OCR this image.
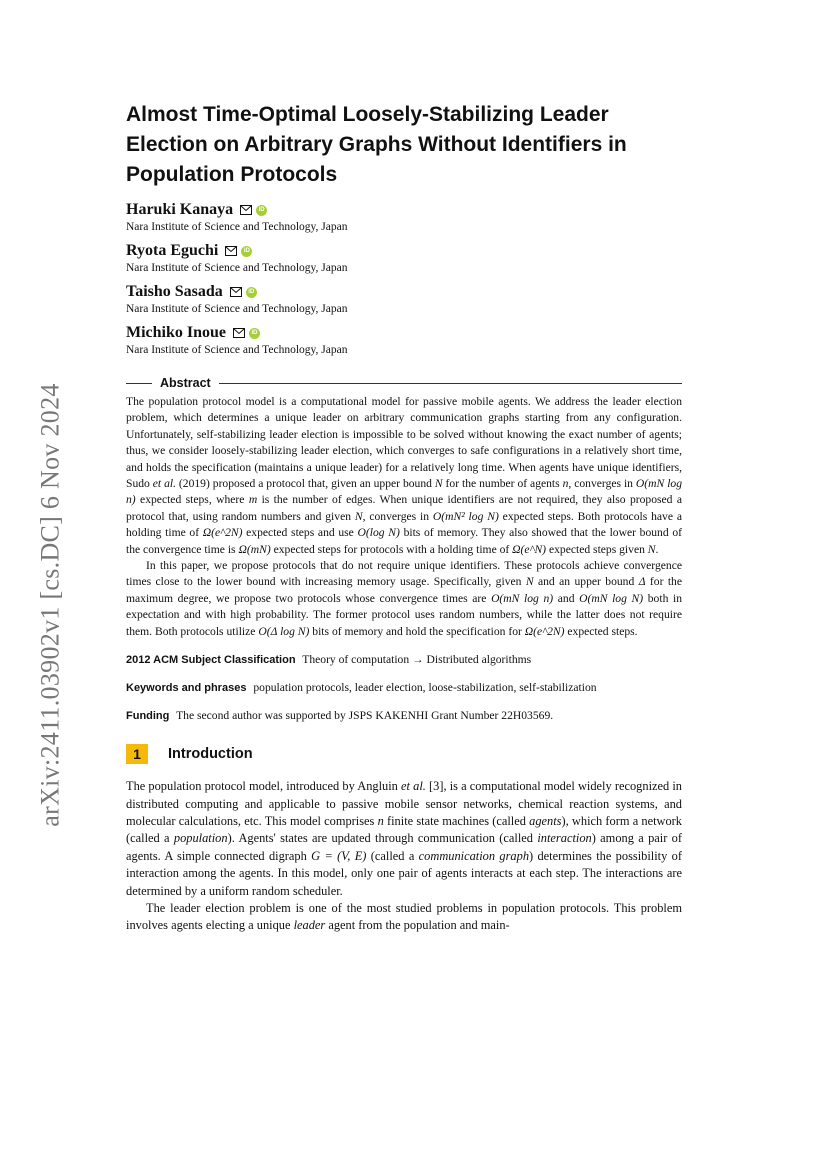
arXiv:2411.03902v1 [cs.DC] 6 Nov 2024
Almost Time-Optimal Loosely-Stabilizing Leader
Election on Arbitrary Graphs Without Identifiers in
Population Protocols
Haruki Kanaya	iD
Nara Institute of Science and Technology, Japan
Ryota Eguchi	iD
Nara Institute of Science and Technology, Japan
Taisho Sasada	iD
Nara Institute of Science and Technology, Japan
Michiko Inoue	iD
Nara Institute of Science and Technology, Japan
Abstract

The population protocol model is a computational model for passive mobile agents. We address the leader election problem, which determines a unique leader on arbitrary communication graphs starting from any configuration. Unfortunately, self-stabilizing leader election is impossible to be solved without knowing the exact number of agents; thus, we consider loosely-stabilizing leader election, which converges to safe configurations in a relatively short time, and holds the specification (maintains a unique leader) for a relatively long time. When agents have unique identifiers, Sudo et al. (2019) proposed a protocol that, given an upper bound N for the number of agents n, converges in O(mN log n) expected steps, where m is the number of edges. When unique identifiers are not required, they also proposed a protocol that, using random numbers and given N, converges in O(mN² log N) expected steps. Both protocols have a holding time of Ω(e^2N) expected steps and use O(log N) bits of memory. They also showed that the lower bound of the convergence time is Ω(mN) expected steps for protocols with a holding time of Ω(e^N) expected steps given N.

In this paper, we propose protocols that do not require unique identifiers. These protocols achieve convergence times close to the lower bound with increasing memory usage. Specifically, given N and an upper bound Δ for the maximum degree, we propose two protocols whose convergence times are O(mN log n) and O(mN log N) both in expectation and with high probability. The former protocol uses random numbers, while the latter does not require them. Both protocols utilize O(Δ log N) bits of memory and hold the specification for Ω(e^2N) expected steps.

2012 ACM Subject Classification Theory of computation → Distributed algorithms
Keywords and phrases population protocols, leader election, loose-stabilization, self-stabilization
Funding The second author was supported by JSPS KAKENHI Grant Number 22H03569.
1	Introduction

The population protocol model, introduced by Angluin et al. [3], is a computational model widely recognized in distributed computing and applicable to passive mobile sensor networks, chemical reaction systems, and molecular calculations, etc. This model comprises n finite state machines (called agents), which form a network (called a population). Agents' states are updated through communication (called interaction) among a pair of agents. A simple connected digraph G = (V, E) (called a communication graph) determines the possibility of interaction among the agents. In this model, only one pair of agents interacts at each step. The interactions are determined by a uniform random scheduler.

The leader election problem is one of the most studied problems in population protocols. This problem involves agents electing a unique leader agent from the population and main-
